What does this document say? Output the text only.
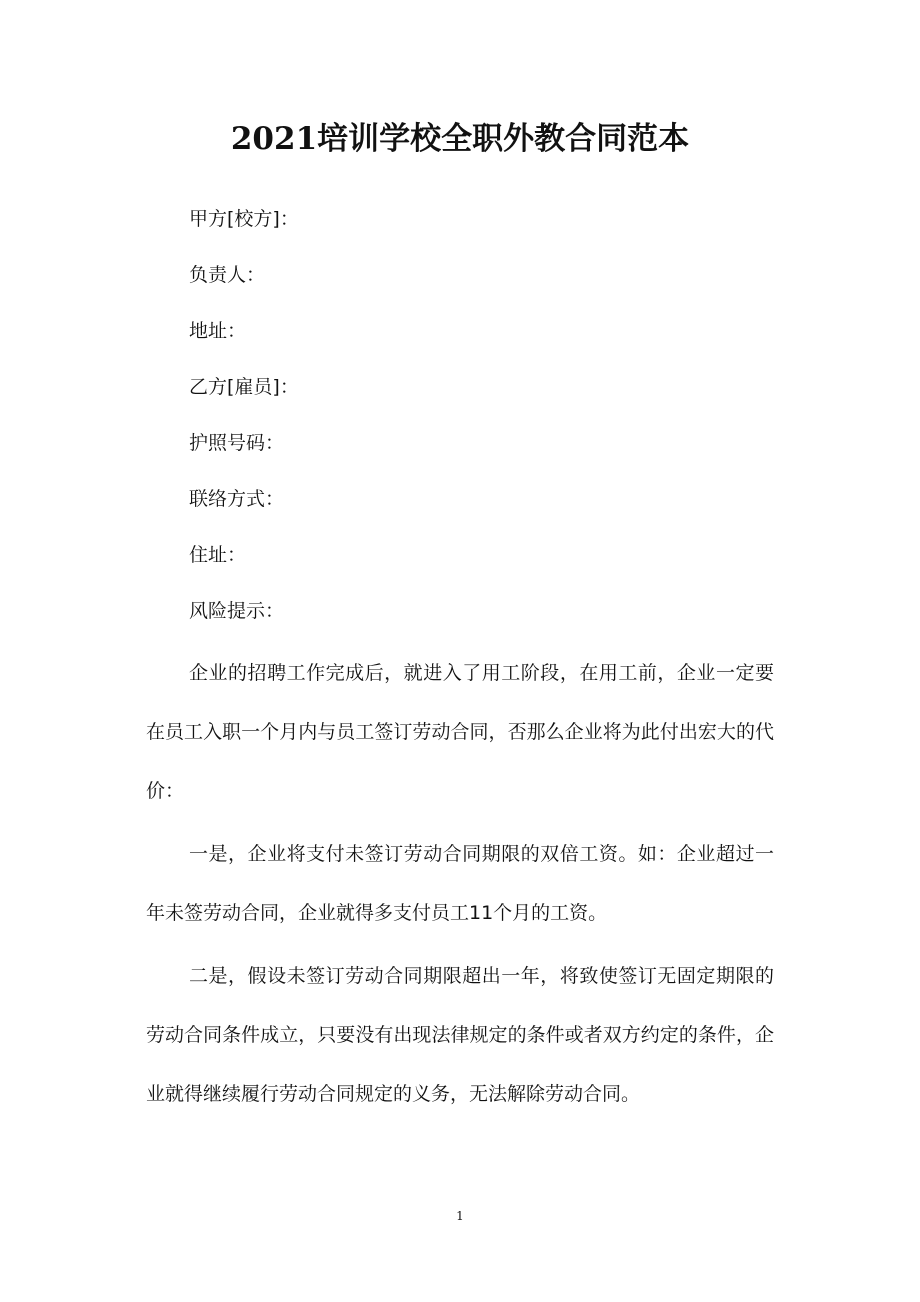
2021培训学校全职外教合同范本
甲方[校方]：
负责人：
地址：
乙方[雇员]：
护照号码：
联络方式：
住址：
风险提示：

企业的招聘工作完成后，就进入了用工阶段，在用工前，企业一定要在员工入职一个月内与员工签订劳动合同，否那么企业将为此付出宏大的代价：

一是，企业将支付未签订劳动合同期限的双倍工资。如：企业超过一年未签劳动合同，企业就得多支付员工11个月的工资。

二是，假设未签订劳动合同期限超出一年，将致使签订无固定期限的劳动合同条件成立，只要没有出现法律规定的条件或者双方约定的条件，企业就得继续履行劳动合同规定的义务，无法解除劳动合同。

1
